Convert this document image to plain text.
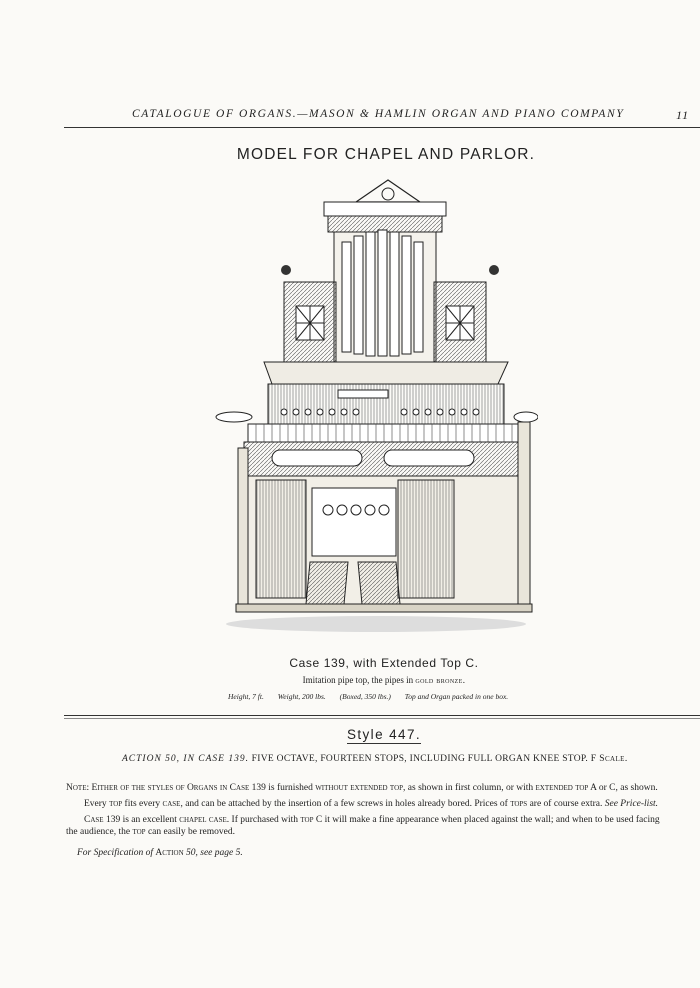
CATALOGUE OF ORGANS.—MASON & HAMLIN ORGAN AND PIANO COMPANY	11
MODEL FOR CHAPEL AND PARLOR.
Case 139, with Extended Top C.
Imitation pipe top, the pipes in gold bronze.
Height, 7 ft. Weight, 200 lbs. (Boxed, 350 lbs.) Top and Organ packed in one box.
Style 447.
ACTION 50, IN CASE 139. FIVE OCTAVE, FOURTEEN STOPS, INCLUDING FULL ORGAN KNEE STOP. F Scale.
Note: Either of the styles of Organs in Case 139 is furnished without extended top, as shown in first column, or with extended top A or C, as shown.
Every top fits every case, and can be attached by the insertion of a few screws in holes already bored. Prices of tops are of course extra. See Price-list.
Case 139 is an excellent chapel case. If purchased with top C it will make a fine appearance when placed against the wall; and when to be used facing
the audience, the top can easily be removed.
For Specification of Action 50, see page 5.
